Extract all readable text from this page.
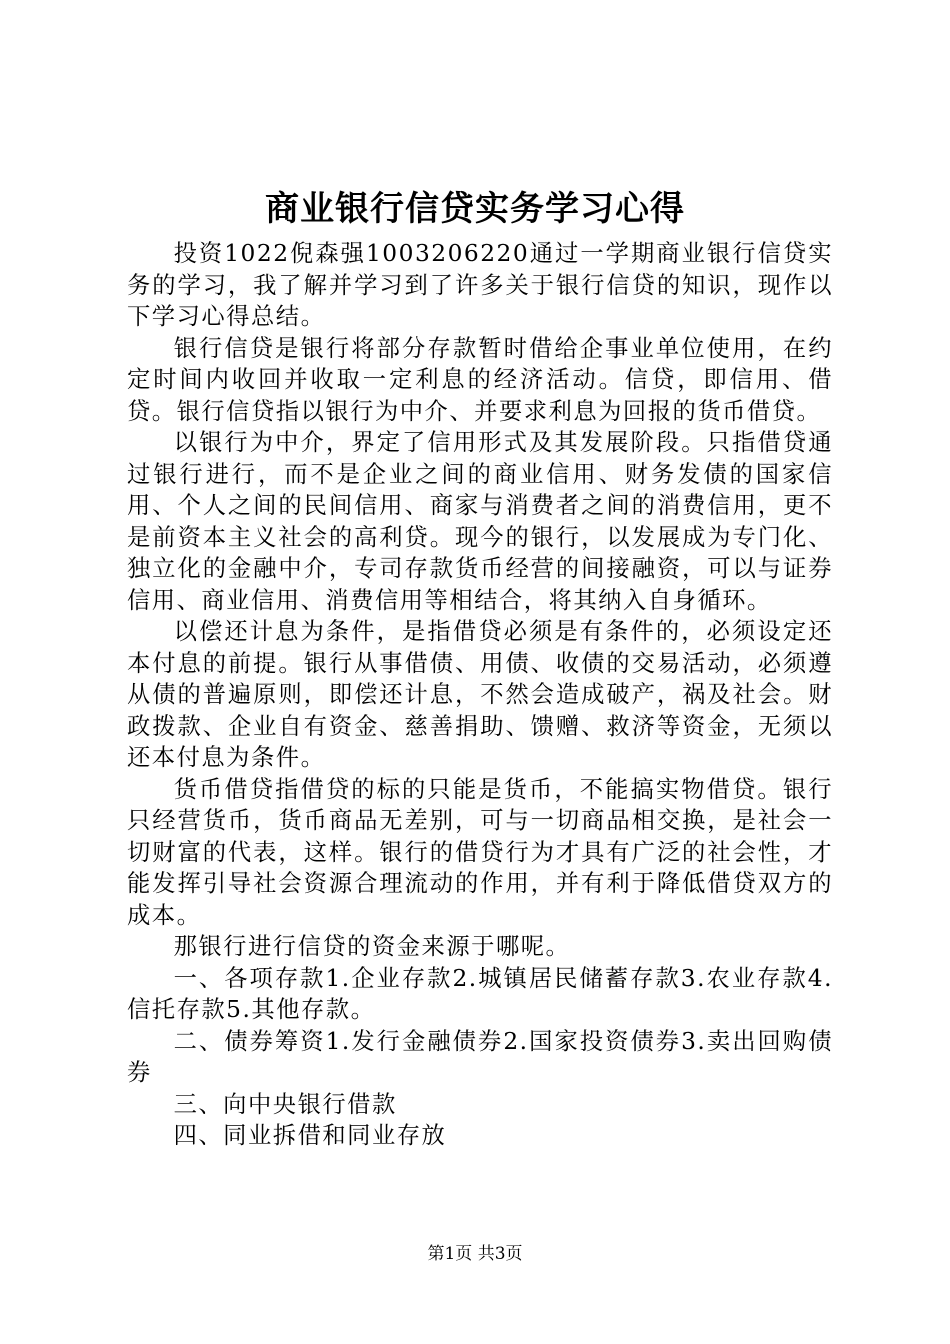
商业银行信贷实务学习心得

投资1022倪森强1003206220通过一学期商业银行信贷实务的学习，我了解并学习到了许多关于银行信贷的知识，现作以下学习心得总结。

银行信贷是银行将部分存款暂时借给企事业单位使用，在约定时间内收回并收取一定利息的经济活动。信贷，即信用、借贷。银行信贷指以银行为中介、并要求利息为回报的货币借贷。

以银行为中介，界定了信用形式及其发展阶段。只指借贷通过银行进行，而不是企业之间的商业信用、财务发债的国家信用、个人之间的民间信用、商家与消费者之间的消费信用，更不是前资本主义社会的高利贷。现今的银行，以发展成为专门化、独立化的金融中介，专司存款货币经营的间接融资，可以与证券信用、商业信用、消费信用等相结合，将其纳入自身循环。

以偿还计息为条件，是指借贷必须是有条件的，必须设定还本付息的前提。银行从事借债、用债、收债的交易活动，必须遵从债的普遍原则，即偿还计息，不然会造成破产，祸及社会。财政拨款、企业自有资金、慈善捐助、馈赠、救济等资金，无须以还本付息为条件。

货币借贷指借贷的标的只能是货币，不能搞实物借贷。银行只经营货币，货币商品无差别，可与一切商品相交换，是社会一切财富的代表，这样。银行的借贷行为才具有广泛的社会性，才能发挥引导社会资源合理流动的作用，并有利于降低借贷双方的成本。

那银行进行信贷的资金来源于哪呢。

一、各项存款1.企业存款2.城镇居民储蓄存款3.农业存款4.信托存款5.其他存款。

二、债券筹资1.发行金融债券2.国家投资债券3.卖出回购债券

三、向中央银行借款

四、同业拆借和同业存放

第1页 共3页
